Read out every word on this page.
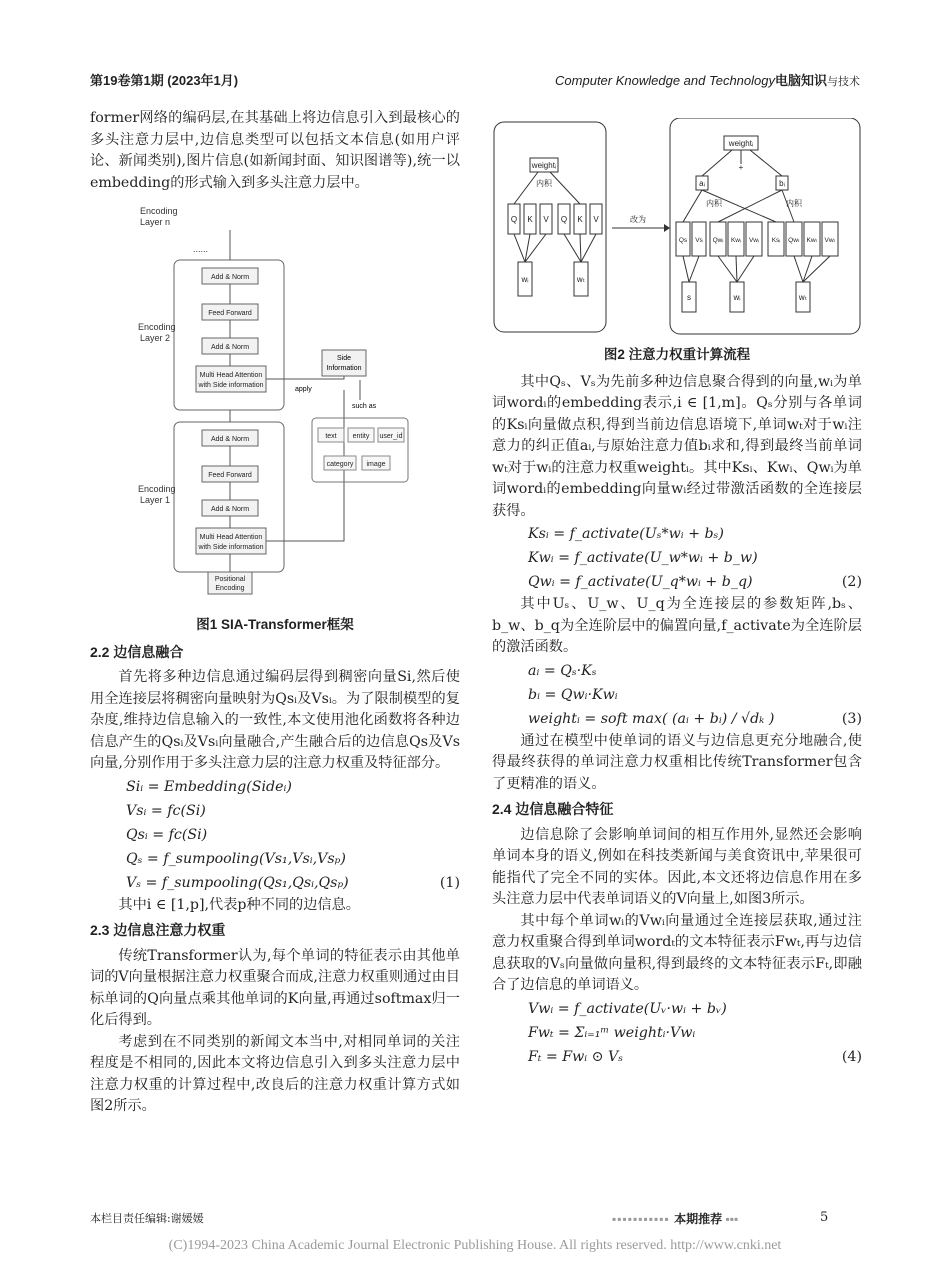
第19卷第1期 (2023年1月)	Computer Knowledge and Technology电脑知识与技术

former网络的编码层,在其基础上将边信息引入到最核心的多头注意力层中,边信息类型可以包括文本信息(如用户评论、新闻类别),图片信息(如新闻封面、知识图谱等),统一以embedding的形式输入到多头注意力层中。

Encoding
Layer n
......
Encoding
Layer 2
Encoding
Layer 1
Add & Norm
Feed Forward
Add & Norm
Multi Head Attention
with Side information
Add & Norm
Feed Forward
Add & Norm
Multi Head Attention
with Side information
Positional
Encoding
Side
Information
apply
such as
text entity user_id
category image
图1 SIA-Transformer框架
2.2 边信息融合

首先将多种边信息通过编码层得到稠密向量Si,然后使用全连接层将稠密向量映射为Qsᵢ及Vsᵢ。为了限制模型的复杂度,维持边信息输入的一致性,本文使用池化函数将各种边信息产生的Qsᵢ及Vsᵢ向量融合,产生融合后的边信息Qs及Vs向量,分别作用于多头注意力层的注意力权重及特征部分。

Siᵢ = Embedding(Sideᵢ)
Vsᵢ = fc(Si)
Qsᵢ = fc(Si)
Qₛ = f_sumpooling(Vs₁,Vsᵢ,Vsₚ)
Vₛ = f_sumpooling(Qs₁,Qsᵢ,Qsₚ)	(1)

其中i ∈ [1,p],代表p种不同的边信息。

2.3 边信息注意力权重

传统Transformer认为,每个单词的特征表示由其他单词的V向量根据注意力权重聚合而成,注意力权重则通过由目标单词的Q向量点乘其他单词的K向量,再通过softmax归一化后得到。

考虑到在不同类别的新闻文本当中,对相同单词的关注程度是不相同的,因此本文将边信息引入到多头注意力层中注意力权重的计算过程中,改良后的注意力权重计算方式如图2所示。

weightᵢ
内积
Q K V Q K V
wᵢ	wₜ
改为
weightᵢ
+
aᵢ	bᵢ
内积	内积
Qs Vs Qwᵢ Kwᵢ Vwᵢ Ksᵢ Qwₜ Kwₜ Vwₜ
s	wᵢ	wₜ
图2 注意力权重计算流程

其中Qₛ、Vₛ为先前多种边信息聚合得到的向量,wᵢ为单词wordᵢ的embedding表示,i ∈ [1,m]。Qₛ分别与各单词的Ksᵢ向量做点积,得到当前边信息语境下,单词wₜ对于wᵢ注意力的纠正值aᵢ,与原始注意力值bᵢ求和,得到最终当前单词wₜ对于wᵢ的注意力权重weightᵢ。其中Ksᵢ、Kwᵢ、Qwᵢ为单词wordᵢ的embedding向量wᵢ经过带激活函数的全连接层获得。

Ksᵢ = f_activate(Uₛ*wᵢ + bₛ)
Kwᵢ = f_activate(U_w*wᵢ + b_w)
Qwᵢ = f_activate(U_q*wᵢ + b_q)	(2)

其中Uₛ、U_w、U_q为全连接层的参数矩阵,bₛ、b_w、b_q为全连阶层中的偏置向量,f_activate为全连阶层的激活函数。

aᵢ = Qₛ·Kₛ
bᵢ = Qwᵢ·Kwᵢ
weightᵢ = soft max( (aᵢ + bᵢ) / √dₖ )	(3)

通过在模型中使单词的语义与边信息更充分地融合,使得最终获得的单词注意力权重相比传统Transformer包含了更精准的语义。

2.4 边信息融合特征

边信息除了会影响单词间的相互作用外,显然还会影响单词本身的语义,例如在科技类新闻与美食资讯中,苹果很可能指代了完全不同的实体。因此,本文还将边信息作用在多头注意力层中代表单词语义的V向量上,如图3所示。

其中每个单词wᵢ的Vwᵢ向量通过全连接层获取,通过注意力权重聚合得到单词wordₜ的文本特征表示Fwₜ,再与边信息获取的Vₛ向量做向量积,得到最终的文本特征表示Fₜ,即融合了边信息的单词语义。

Vwᵢ = f_activate(Uᵥ·wᵢ + bᵥ)
Fwₜ = Σᵢ₌₁ᵐ weightᵢ·Vwᵢ
Fₜ = Fwᵢ ⊙ Vₛ	(4)
本栏目责任编辑:谢媛媛	▪▪▪▪▪▪▪▪▪▪▪ 本期推荐 ▪▪▪	5
(C)1994-2023 China Academic Journal Electronic Publishing House. All rights reserved. http://www.cnki.net
